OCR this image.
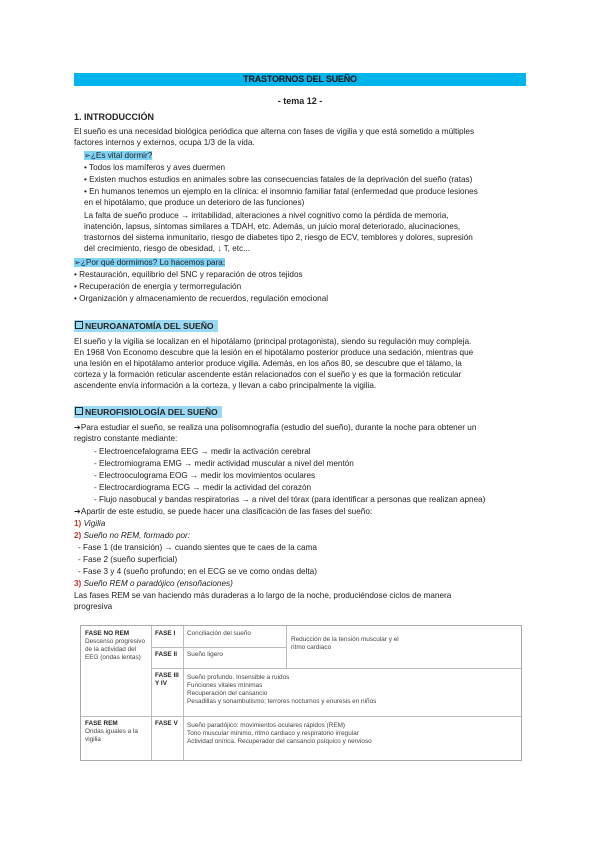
TRASTORNOS DEL SUEÑO
- tema 12 -
1. INTRODUCCIÓN
El sueño es una necesidad biológica periódica que alterna con fases de vigilia y que está sometido a múltiples
factores internos y externos, ocupa 1/3 de la vida.
➢¿Es vital dormir?
• Todos los mamíferos y aves duermen
• Existen muchos estudios en animales sobre las consecuencias fatales de la deprivación del sueño (ratas)
• En humanos tenemos un ejemplo en la clínica: el insomnio familiar fatal (enfermedad que produce lesiones
en el hipotálamo, que produce un deterioro de las funciones)
La falta de sueño produce → irritabilidad, alteraciones a nivel cognitivo como la pérdida de memoria,
inatención, lapsus, síntomas similares a TDAH, etc. Además, un juicio moral deteriorado, alucinaciones,
trastornos del sistema inmunitario, riesgo de diabetes tipo 2, riesgo de ECV, temblores y dolores, supresión
del crecimiento, riesgo de obesidad, ↓ T, etc...
➢¿Por qué dormimos? Lo hacemos para:
• Restauración, equilibrio del SNC y reparación de otros tejidos
• Recuperación de energía y termorregulación
• Organización y almacenamiento de recuerdos, regulación emocional
NEUROANATOMÍA DEL SUEÑO
El sueño y la vigilia se localizan en el hipotálamo (principal protagonista), siendo su regulación muy compleja.
En 1968 Von Economo descubre que la lesión en el hipotálamo posterior produce una sedación, mientras que
una lesión en el hipotálamo anterior produce vigilia. Además, en los años 80, se descubre que el tálamo, la
corteza y la formación reticular ascendente están relacionados con el sueño y es que la formación reticular
ascendente envía información a la corteza, y llevan a cabo principalmente la vigilia.
NEUROFISIOLOGÍA DEL SUEÑO
➔Para estudiar el sueño, se realiza una polisomnografía (estudio del sueño), durante la noche para obtener un
registro constante mediante:
- Electroencefalograma EEG → medir la activación cerebral
- Electromiograma EMG → medir actividad muscular a nivel del mentón
- Electrooculograma EOG → medir los movimientos oculares
- Electrocardiograma ECG → medir la actividad del corazón
- Flujo nasobucal y bandas respiratorias → a nivel del tórax (para identificar a personas que realizan apnea)
➔Apartir de este estudio, se puede hacer una clasificación de las fases del sueño:
1) Vigilia
2) Sueño no REM, formado por:
- Fase 1 (de transición) → cuando sientes que te caes de la cama
- Fase 2 (sueño superficial)
- Fase 3 y 4 (sueño profundo; en el ECG se ve como ondas delta)
3) Sueño REM o paradójico (ensoñaciones)
Las fases REM se van haciendo más duraderas a lo largo de la noche, produciéndose ciclos de manera
progresiva
FASE NO REM
Descenso progresivo de la actividad del EEG (ondas lentas)
FASE REM
Ondas iguales a la vigilia
FASE I Conciliación del sueño
FASE II Sueño ligero
Reducción de la tensión muscular y el ritmo cardiaco
FASE III Y IV
Sueño profundo. Insensible a ruidos
Funciones vitales mínimas
Recuperación del cansancio
Pesadillas y sonambulismo; terrores nocturnos y enuresis en niños
FASE V Sueño paradójico: movimientos oculares rápidos (REM)
Tono muscular mínimo, ritmo cardiaco y respiratorio irregular
Actividad onírica. Recuperador del cansancio psíquico y nervioso
